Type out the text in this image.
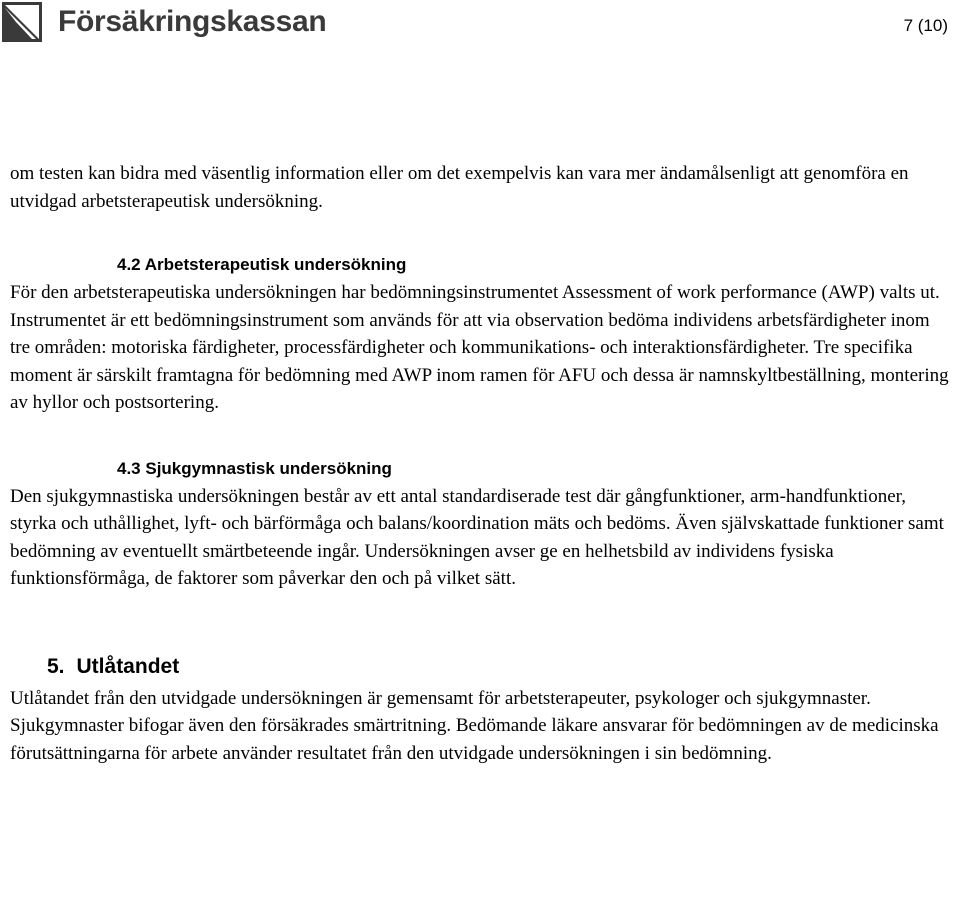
Försäkringskassan	7 (10)

om testen kan bidra med väsentlig information eller om det exempelvis kan vara mer ändamålsenligt att genomföra en utvidgad arbetsterapeutisk undersökning.

4.2 Arbetsterapeutisk undersökning

För den arbetsterapeutiska undersökningen har bedömningsinstrumentet Assessment of work performance (AWP) valts ut. Instrumentet är ett bedömningsinstrument som används för att via observation bedöma individens arbetsfärdigheter inom tre områden: motoriska färdigheter, processfärdigheter och kommunikations- och interaktionsfärdigheter. Tre specifika moment är särskilt framtagna för bedömning med AWP inom ramen för AFU och dessa är namnskyltbeställning, montering av hyllor och postsortering.

4.3 Sjukgymnastisk undersökning

Den sjukgymnastiska undersökningen består av ett antal standardiserade test där gångfunktioner, arm-handfunktioner, styrka och uthållighet, lyft- och bärförmåga och balans/koordination mäts och bedöms. Även självskattade funktioner samt bedömning av eventuellt smärtbeteende ingår. Undersökningen avser ge en helhetsbild av individens fysiska funktionsförmåga, de faktorer som påverkar den och på vilket sätt.

5. Utlåtandet

Utlåtandet från den utvidgade undersökningen är gemensamt för arbetsterapeuter, psykologer och sjukgymnaster. Sjukgymnaster bifogar även den försäkrades smärtritning. Bedömande läkare ansvarar för bedömningen av de medicinska förutsättningarna för arbete använder resultatet från den utvidgade undersökningen i sin bedömning.
